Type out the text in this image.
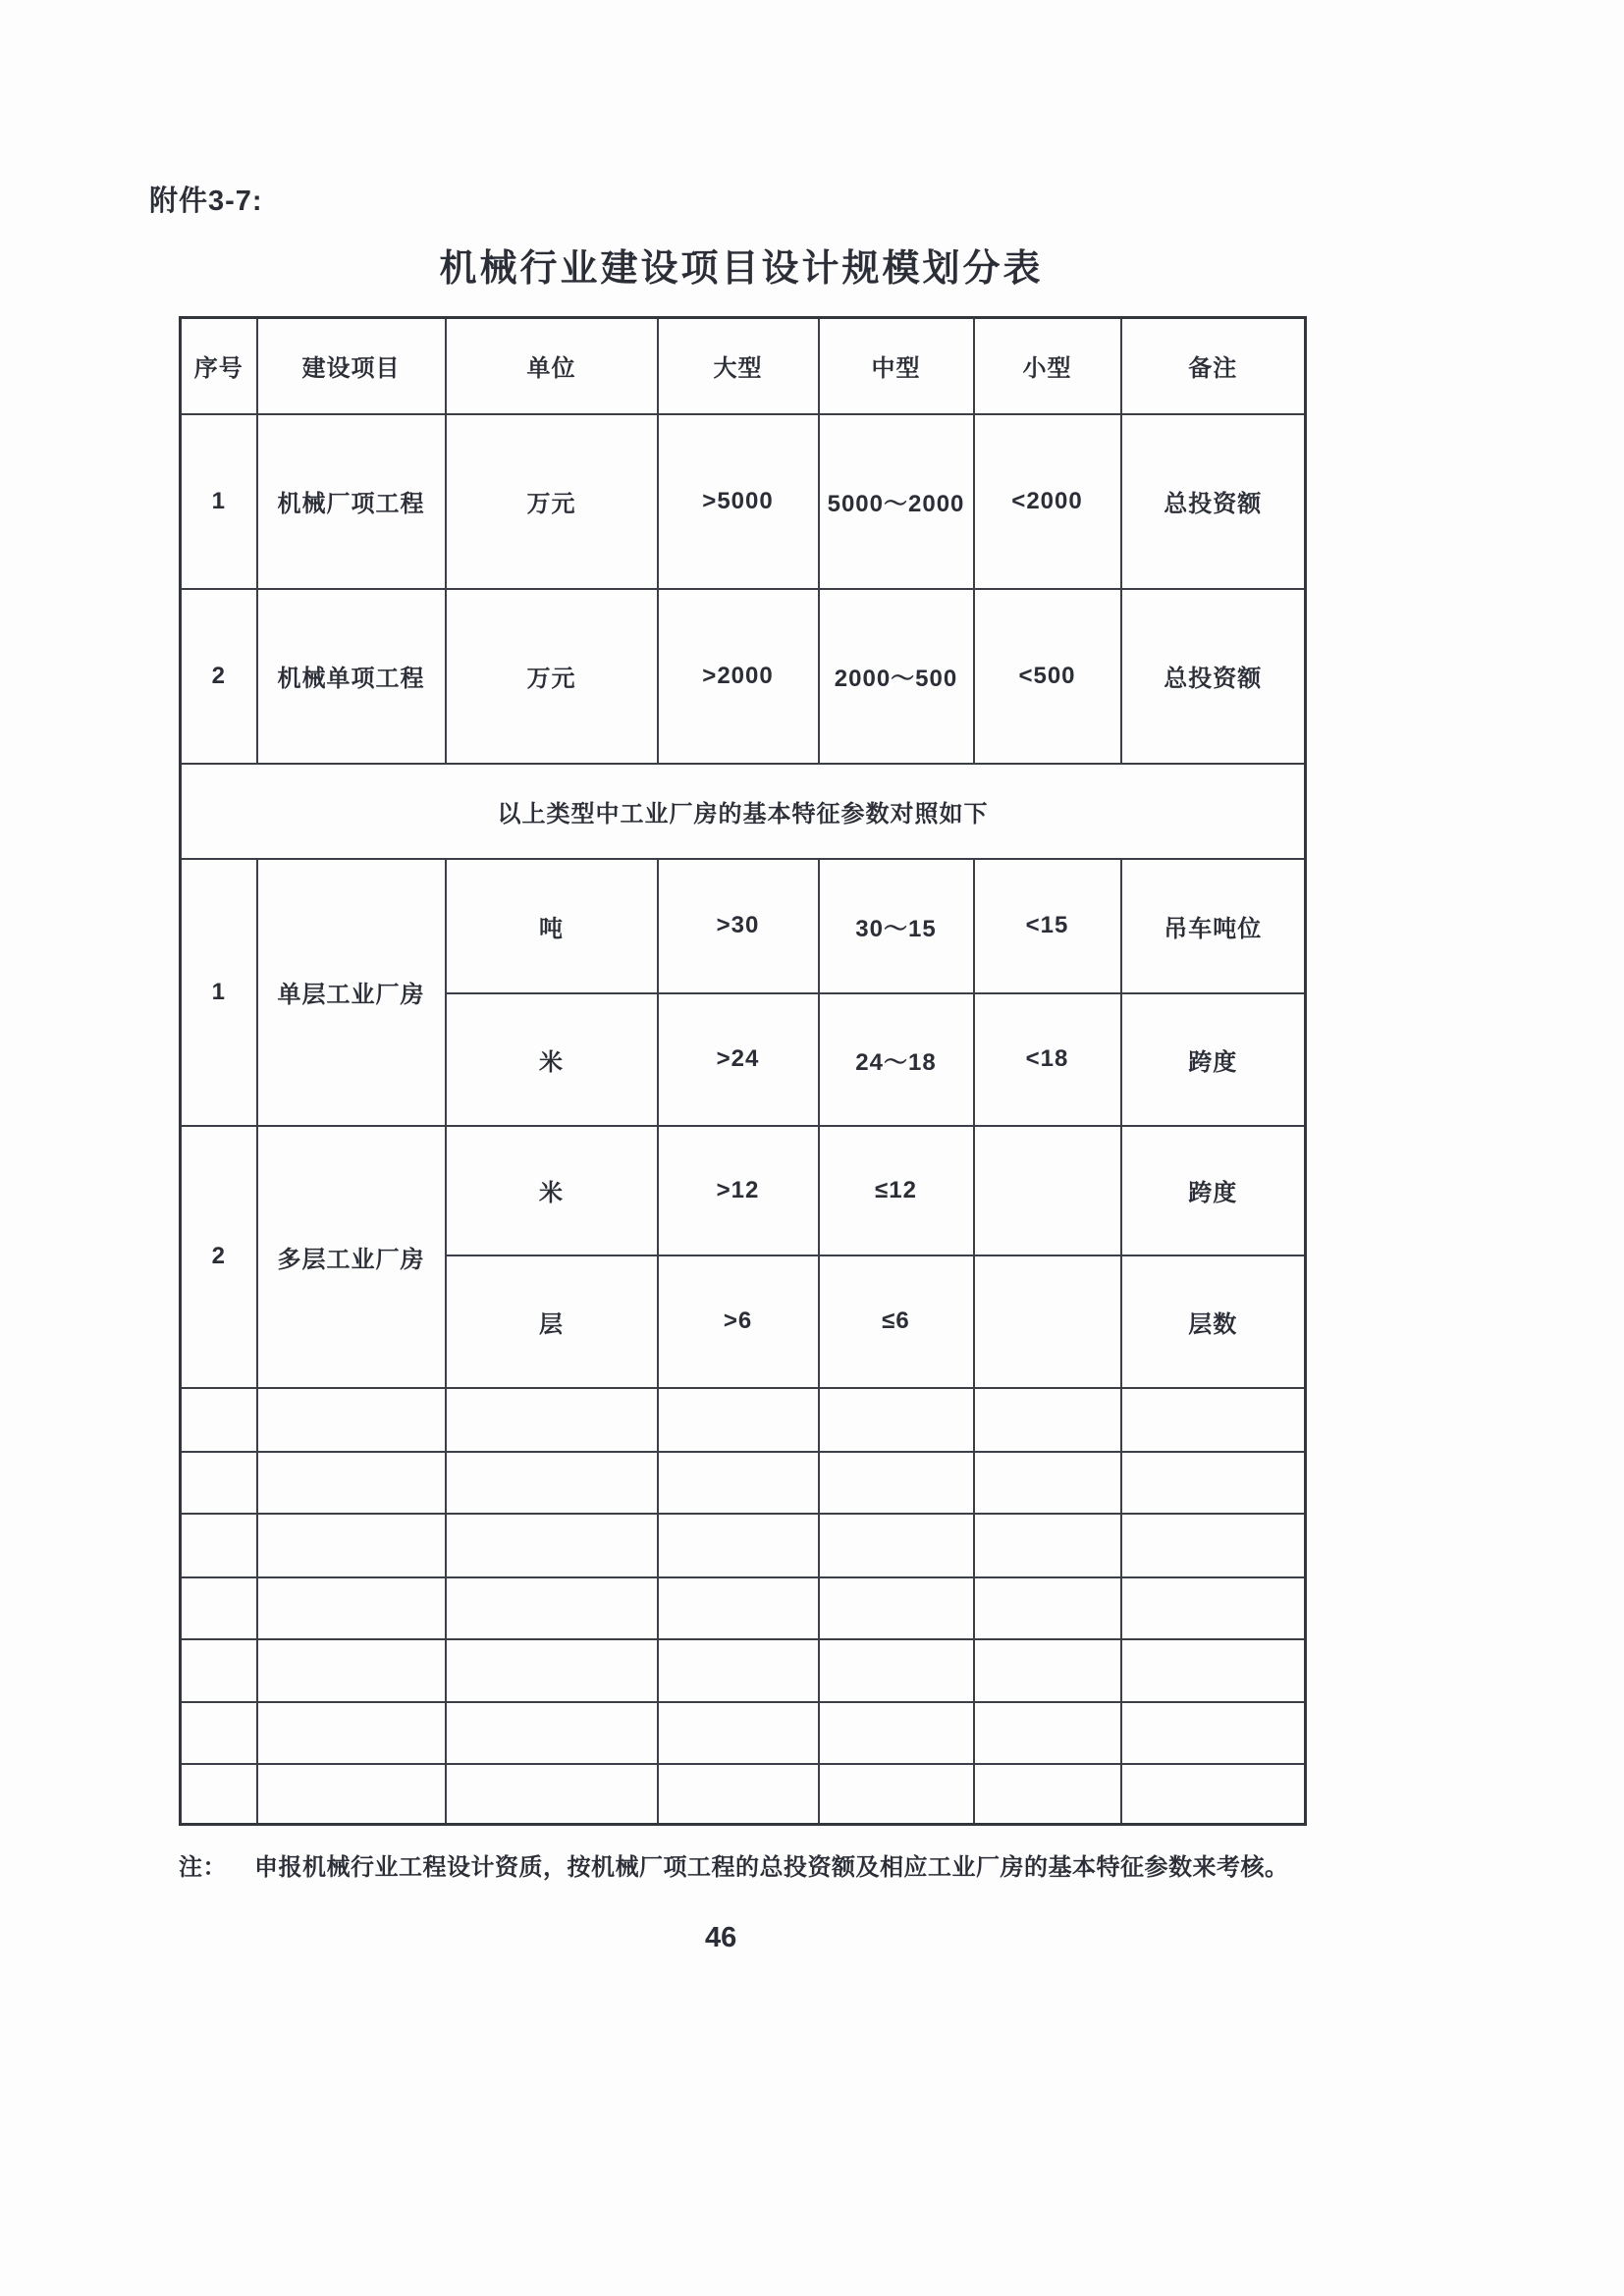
附件3-7:
机械行业建设项目设计规模划分表
序号	建设项目	单位	大型	中型	小型	备注
1	机械厂项工程	万元	>5000	5000～2000	<2000	总投资额
2	机械单项工程	万元	>2000	2000～500	<500	总投资额
以上类型中工业厂房的基本特征参数对照如下						
1	单层工业厂房	吨	>30	30～15	<15	吊车吨位
		米	>24	24～18	<18	跨度
2	多层工业厂房	米	>12	≤12		跨度
		层	>6	≤6		层数

注： 申报机械行业工程设计资质，按机械厂项工程的总投资额及相应工业厂房的基本特征参数来考核。
46
